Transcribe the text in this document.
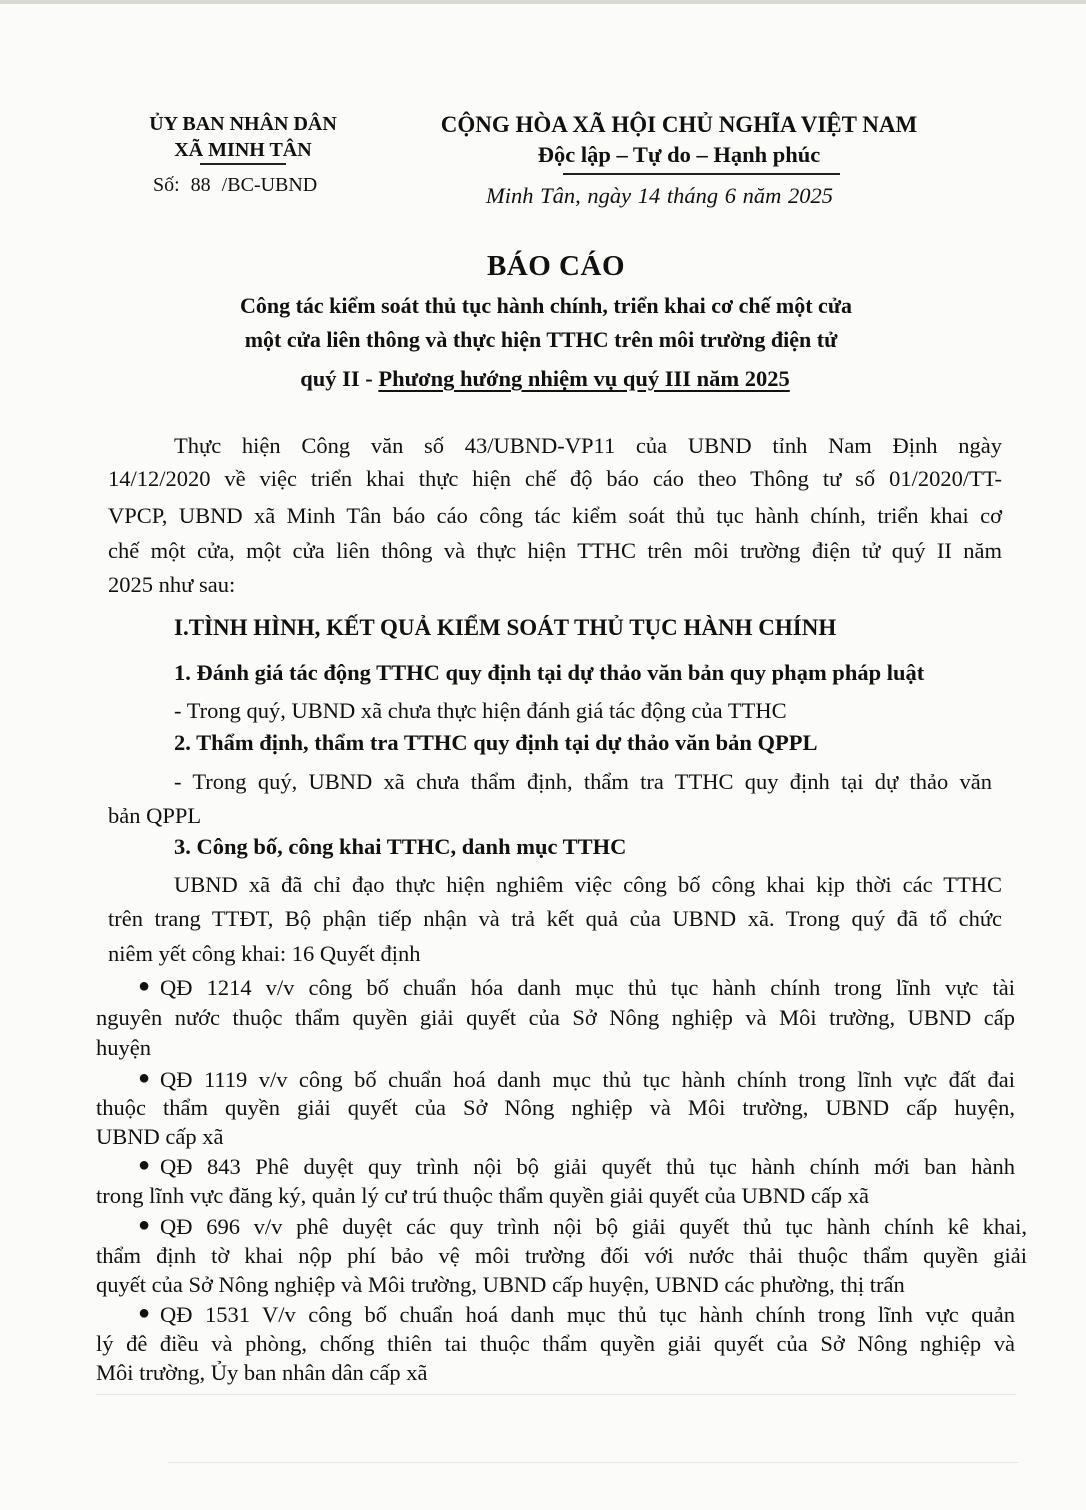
ỦY BAN NHÂN DÂN
XÃ MINH TÂN
Số: 88 /BC-UBND
CỘNG HÒA XÃ HỘI CHỦ NGHĨA VIỆT NAM
Độc lập – Tự do – Hạnh phúc
Minh Tân, ngày 14 tháng 6 năm 2025
BÁO CÁO
Công tác kiểm soát thủ tục hành chính, triển khai cơ chế một cửa
một cửa liên thông và thực hiện TTHC trên môi trường điện tử
quý II - Phương hướng nhiệm vụ quý III năm 2025
Thực hiện Công văn số 43/UBND-VP11 của UBND tỉnh Nam Định ngày
14/12/2020 về việc triển khai thực hiện chế độ báo cáo theo Thông tư số 01/2020/TT-
VPCP, UBND xã Minh Tân báo cáo công tác kiểm soát thủ tục hành chính, triển khai cơ
chế một cửa, một cửa liên thông và thực hiện TTHC trên môi trường điện tử quý II năm
2025 như sau:
I.TÌNH HÌNH, KẾT QUẢ KIỂM SOÁT THỦ TỤC HÀNH CHÍNH
1. Đánh giá tác động TTHC quy định tại dự thảo văn bản quy phạm pháp luật
- Trong quý, UBND xã chưa thực hiện đánh giá tác động của TTHC
2. Thẩm định, thẩm tra TTHC quy định tại dự thảo văn bản QPPL
- Trong quý, UBND xã chưa thẩm định, thẩm tra TTHC quy định tại dự thảo văn
bản QPPL
3. Công bố, công khai TTHC, danh mục TTHC
UBND xã đã chỉ đạo thực hiện nghiêm việc công bố công khai kịp thời các TTHC
trên trang TTĐT, Bộ phận tiếp nhận và trả kết quả của UBND xã. Trong quý đã tổ chức
niêm yết công khai: 16 Quyết định
● QĐ 1214 v/v công bố chuẩn hóa danh mục thủ tục hành chính trong lĩnh vực tài
nguyên nước thuộc thẩm quyền giải quyết của Sở Nông nghiệp và Môi trường, UBND cấp
huyện
● QĐ 1119 v/v công bố chuẩn hoá danh mục thủ tục hành chính trong lĩnh vực đất đai
thuộc thẩm quyền giải quyết của Sở Nông nghiệp và Môi trường, UBND cấp huyện,
UBND cấp xã
● QĐ 843 Phê duyệt quy trình nội bộ giải quyết thủ tục hành chính mới ban hành
trong lĩnh vực đăng ký, quản lý cư trú thuộc thẩm quyền giải quyết của UBND cấp xã
● QĐ 696 v/v phê duyệt các quy trình nội bộ giải quyết thủ tục hành chính kê khai,
thẩm định tờ khai nộp phí bảo vệ môi trường đối với nước thải thuộc thẩm quyền giải
quyết của Sở Nông nghiệp và Môi trường, UBND cấp huyện, UBND các phường, thị trấn
● QĐ 1531 V/v công bố chuẩn hoá danh mục thủ tục hành chính trong lĩnh vực quản
lý đê điều và phòng, chống thiên tai thuộc thẩm quyền giải quyết của Sở Nông nghiệp và
Môi trường, Ủy ban nhân dân cấp xã
